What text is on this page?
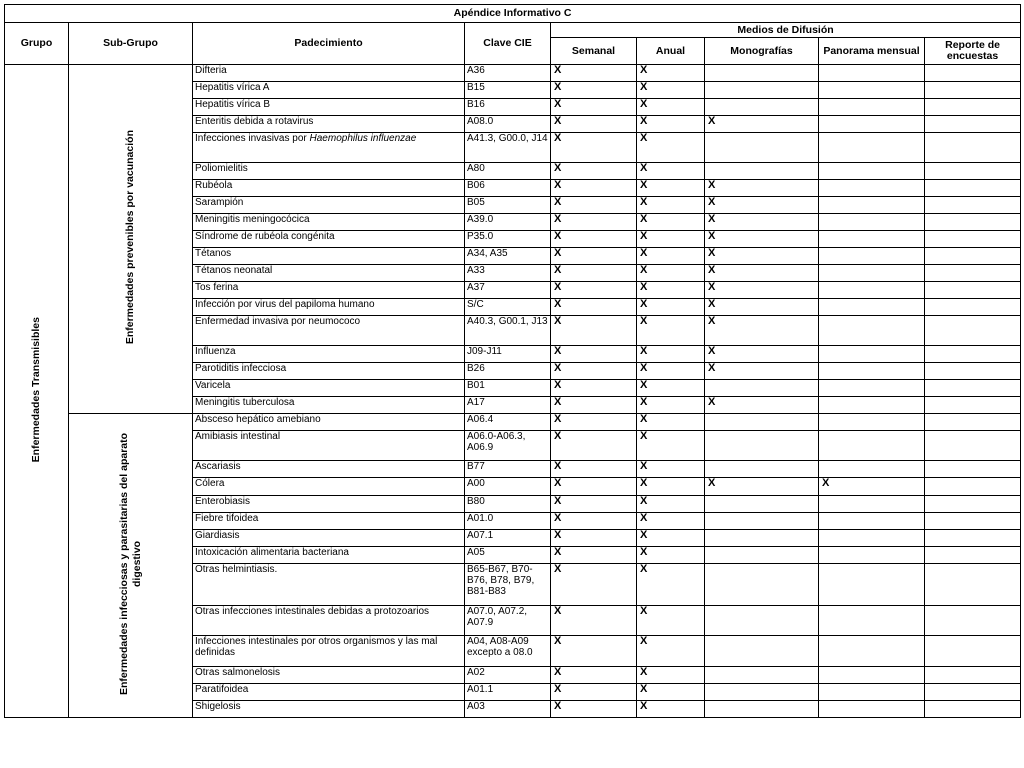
Apéndice Informativo C								
Grupo	Sub-Grupo	Padecimiento	Clave CIE	Medios de Difusión				
				Semanal	Anual	Monografías	Panorama mensual	Reporte de encuestas
Enfermedades Transmisibles	Enfermedades prevenibles por vacunación	Difteria	A36	X	X			
		Hepatitis vírica A	B15	X	X			
		Hepatitis vírica B	B16	X	X			
		Enteritis debida a rotavirus	A08.0	X	X	X		
		Infecciones invasivas por Haemophilus influenzae	A41.3, G00.0, J14	X	X			
		Poliomielitis	A80	X	X			
		Rubéola	B06	X	X	X		
		Sarampión	B05	X	X	X		
		Meningitis meningocócica	A39.0	X	X	X		
		Síndrome de rubéola congénita	P35.0	X	X	X		
		Tétanos	A34, A35	X	X	X		
		Tétanos neonatal	A33	X	X	X		
		Tos ferina	A37	X	X	X		
		Infección por virus del papiloma humano	S/C	X	X	X		
		Enfermedad invasiva por neumococo	A40.3, G00.1, J13	X	X	X		
		Influenza	J09-J11	X	X	X		
		Parotiditis infecciosa	B26	X	X	X		
		Varicela	B01	X	X			
		Meningitis tuberculosa	A17	X	X	X		
	Enfermedades infecciosas y parasitarias del aparato digestivo	Absceso hepático amebiano	A06.4	X	X			
		Amibiasis intestinal	A06.0-A06.3, A06.9	X	X			
		Ascariasis	B77	X	X			
		Cólera	A00	X	X	X	X	
		Enterobiasis	B80	X	X			
		Fiebre tifoidea	A01.0	X	X			
		Giardiasis	A07.1	X	X			
		Intoxicación alimentaria bacteriana	A05	X	X			
		Otras helmintiasis.	B65-B67, B70-B76, B78, B79, B81-B83	X	X			
		Otras infecciones intestinales debidas a protozoarios	A07.0, A07.2, A07.9	X	X			
		Infecciones intestinales por otros organismos y las mal definidas	A04, A08-A09 excepto a 08.0	X	X			
		Otras salmonelosis	A02	X	X			
		Paratifoidea	A01.1	X	X			
		Shigelosis	A03	X	X			
